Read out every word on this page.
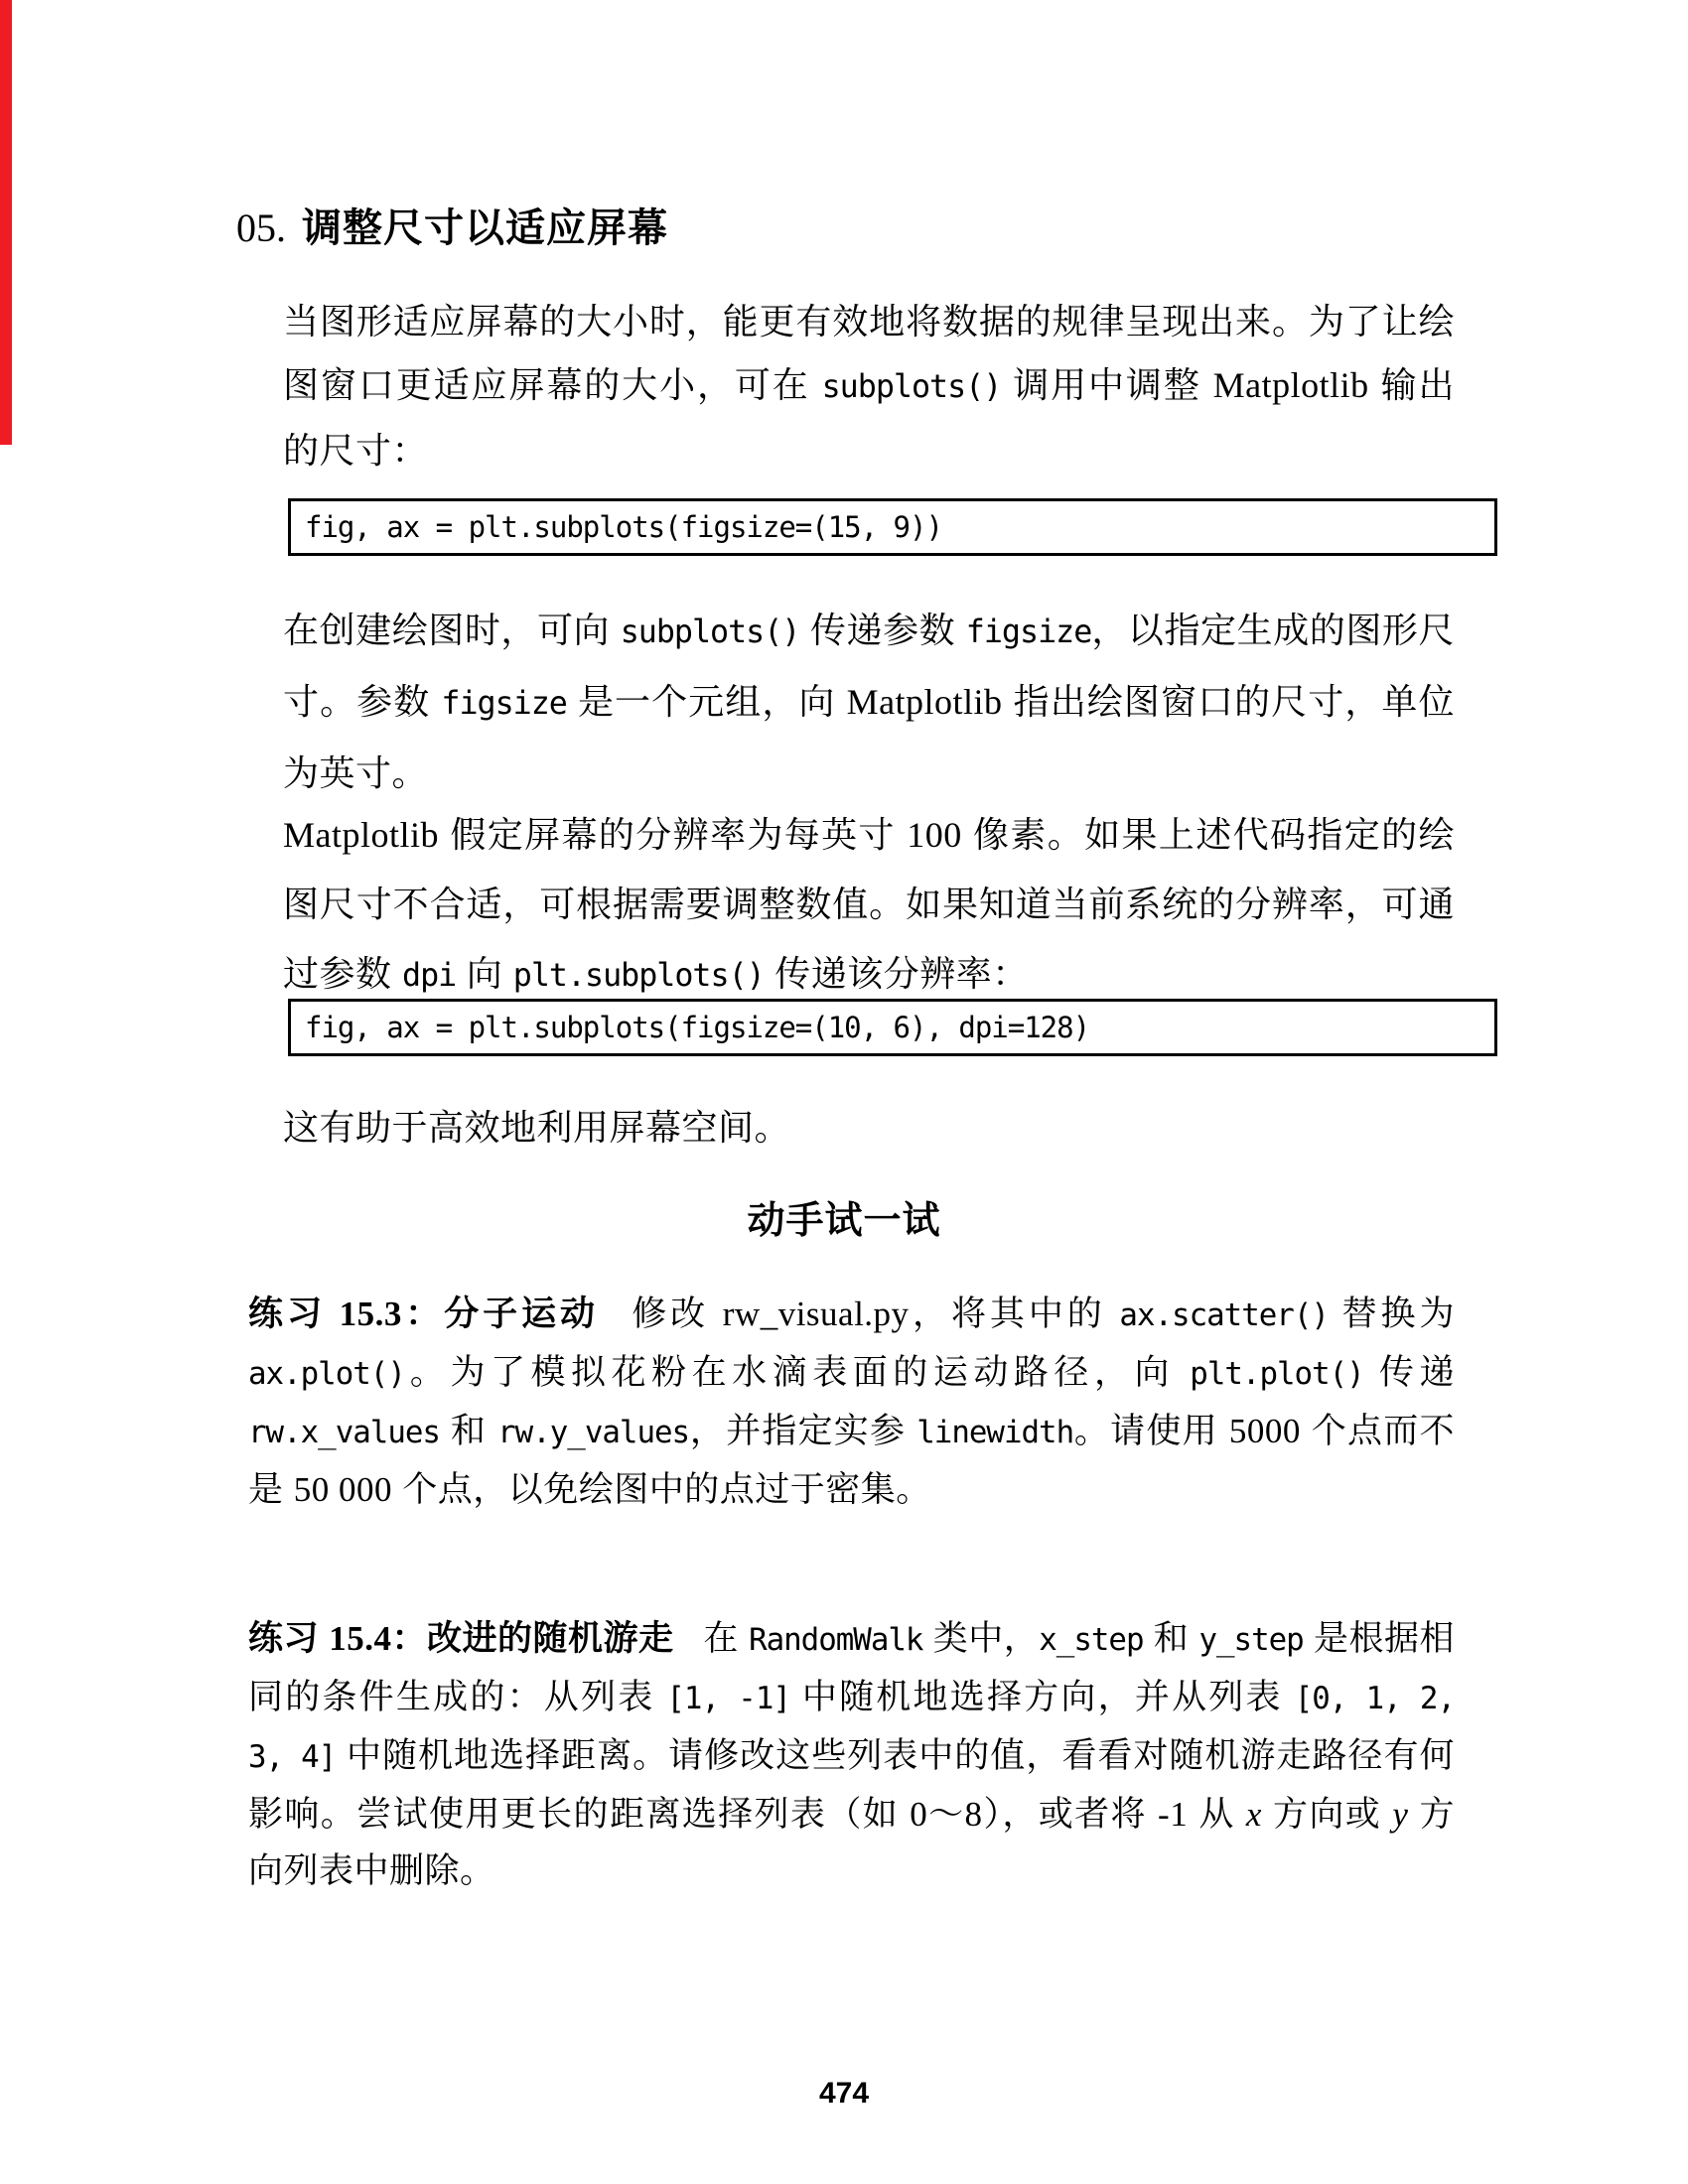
05. 调整尺寸以适应屏幕
当图形适应屏幕的大小时，能更有效地将数据的规律呈现出来。为了让绘图窗口更适应屏幕的大小，可在 subplots() 调用中调整 Matplotlib 输出的尺寸：
fig, ax = plt.subplots(figsize=(15, 9))
在创建绘图时，可向 subplots() 传递参数 figsize，以指定生成的图形尺寸。参数 figsize 是一个元组，向 Matplotlib 指出绘图窗口的尺寸，单位为英寸。
Matplotlib 假定屏幕的分辨率为每英寸 100 像素。如果上述代码指定的绘图尺寸不合适，可根据需要调整数值。如果知道当前系统的分辨率，可通过参数 dpi 向 plt.subplots() 传递该分辨率：
fig, ax = plt.subplots(figsize=(10, 6), dpi=128)
这有助于高效地利用屏幕空间。
动手试一试
练习 15.3：分子运动 修改 rw_visual.py，将其中的 ax.scatter() 替换为 ax.plot()。为了模拟花粉在水滴表面的运动路径，向 plt.plot() 传递 rw.x_values 和 rw.y_values，并指定实参 linewidth。请使用 5000 个点而不是 50 000 个点，以免绘图中的点过于密集。
练习 15.4：改进的随机游走 在 RandomWalk 类中，x_step 和 y_step 是根据相同的条件生成的：从列表 [1, -1] 中随机地选择方向，并从列表 [0, 1, 2, 3, 4] 中随机地选择距离。请修改这些列表中的值，看看对随机游走路径有何影响。尝试使用更长的距离选择列表（如 0～8），或者将 -1 从 x 方向或 y 方向列表中删除。
474
